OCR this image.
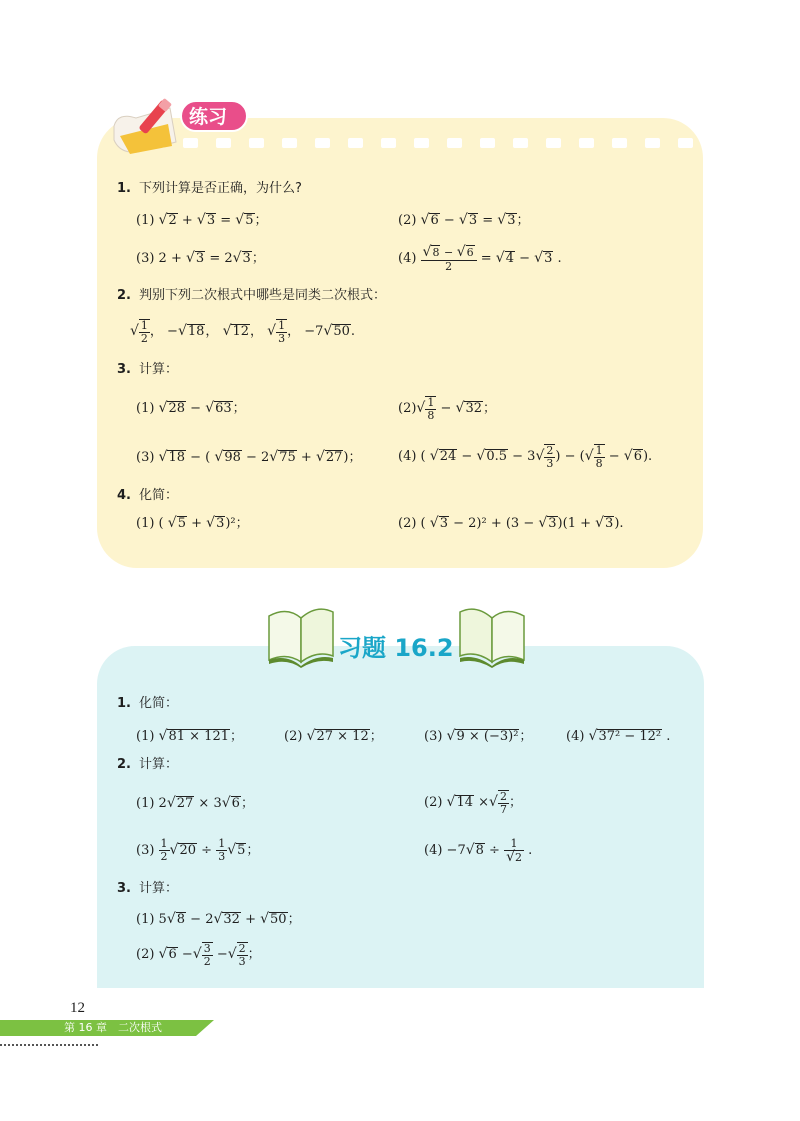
练习
1. 下列计算是否正确，为什么?
(1) √2 + √3 = √5；	(2) √6 − √3 = √3；
(3) 2 + √3 = 2√3；	$(4) \frac{√8 - √6}{2} = √4 - √3$ .
2. 判别下列二次根式中哪些是同类二次根式：
√ $\frac{1}{2}$ ， −√18， √12， √ $\frac{1}{3}$ ， −7√50.
3. 计算：
(1) √28 − √63；	$(2)√ \frac{1}{8} - √32$；
(3) √18 − ( √98 − 2√75 + √27)；	(4) ( $√24 - √0.5 - 3√ \frac{2}{3}$ ) − (√ $\frac{1}{8} - √6$).
4. 化简：
(1) ( √5 + √3)²；	(2) ( √3 − 2)² + (3 − √3)(1 + √3).
习题 16.2
1. 化简：
(1) √81 × 121；	(2) √27 × 12；	(3) √9 × (−3)²；	(4) √37² − 12² .
2. 计算：
(1) 2√27 × 3√6；	(2) √14 ×√ $\frac{2}{7}$ ；
$(3) \frac{1}{2} √20 \div \frac{1}{3} √5$；	$(4) -7√8 \div \frac{1}{√2}$ .
3. 计算：
(1) 5√8 − 2√32 + √50；
(2) √6 −√ $\frac{3}{2}$ −√ $\frac{2}{3}$ ；
12
第 16 章　二次根式
